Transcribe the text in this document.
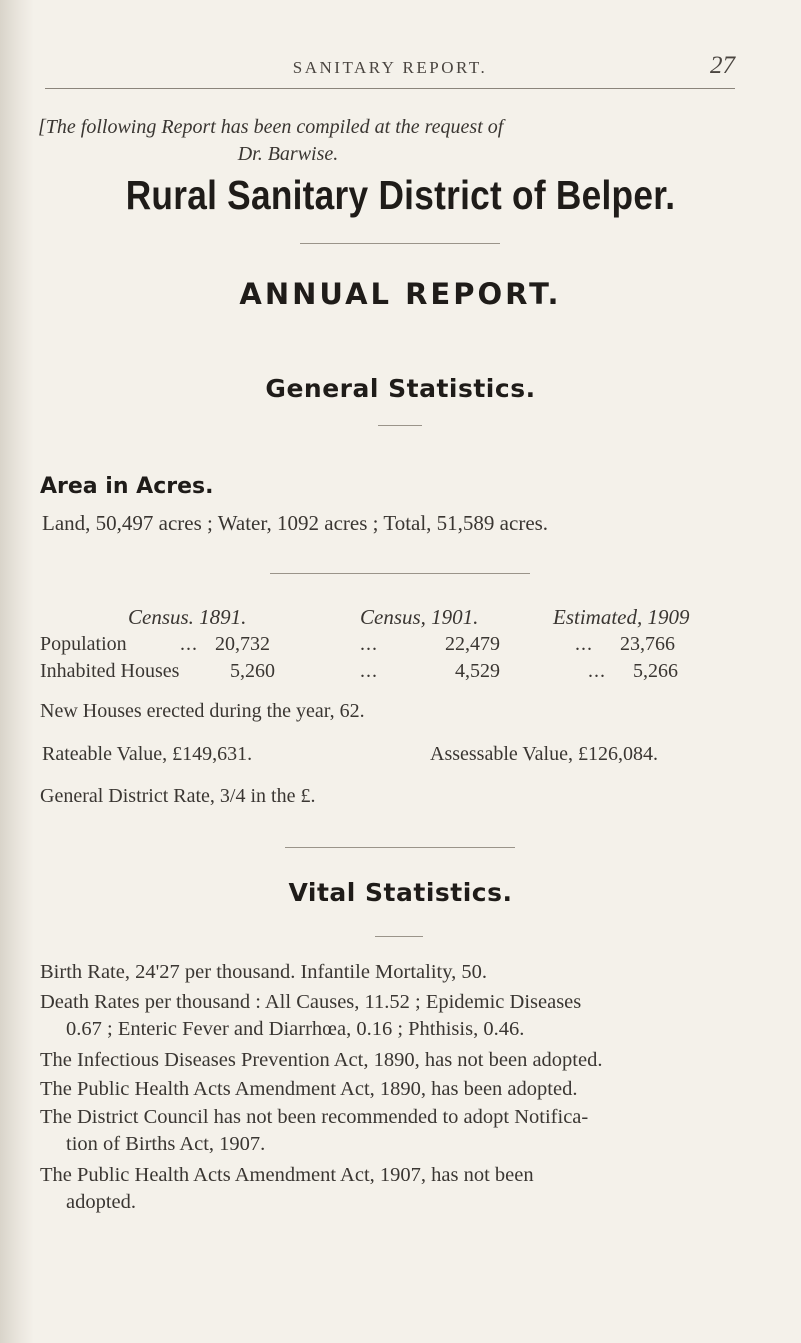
SANITARY REPORT.	27
[The following Report has been compiled at the request of
Dr. Barwise.
Rural Sanitary District of Belper.
ANNUAL REPORT.
General Statistics.
Area in Acres.
Land, 50,497 acres ; Water, 1092 acres ; Total, 51,589 acres.
Census. 1891.	Census, 1901.	Estimated, 1909
Population	... 20,732	...	22,479	... 23,766
Inhabited Houses	5,260	...	4,529	... 5,266
New Houses erected during the year, 62.
Rateable Value, £149,631.	Assessable Value, £126,084.
General District Rate, 3/4 in the £.
Vital Statistics.
Birth Rate, 24'27 per thousand. Infantile Mortality, 50.
Death Rates per thousand : All Causes, 11.52 ; Epidemic Diseases
0.67 ; Enteric Fever and Diarrhœa, 0.16 ; Phthisis, 0.46.
The Infectious Diseases Prevention Act, 1890, has not been adopted.
The Public Health Acts Amendment Act, 1890, has been adopted.
The District Council has not been recommended to adopt Notifica-
tion of Births Act, 1907.
The Public Health Acts Amendment Act, 1907, has not been
adopted.
